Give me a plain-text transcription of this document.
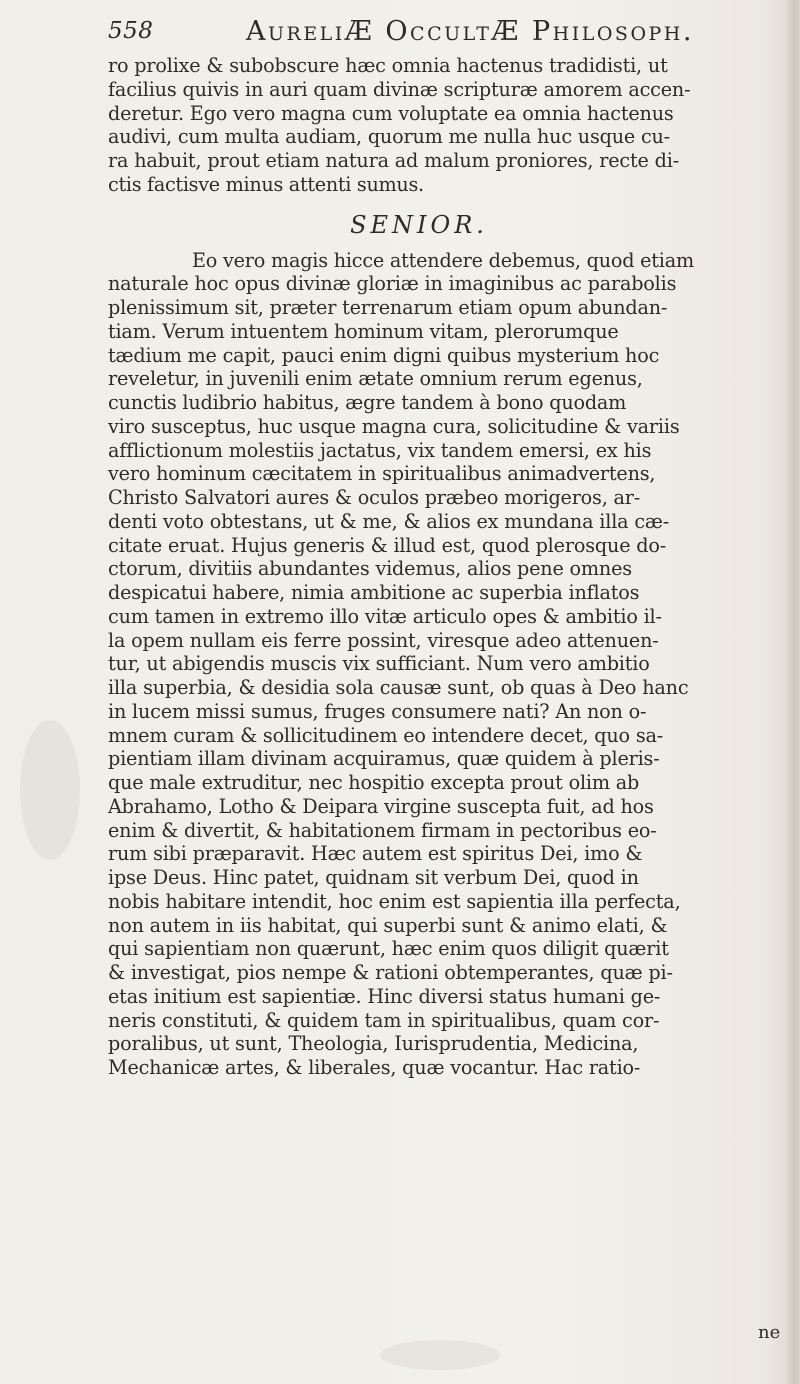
558	AureliÆ OccultÆ Philosoph.
ro prolixe & subobscure hæc omnia hactenus tradidisti, ut
facilius quivis in auri quam divinæ scripturæ amorem accen-
deretur. Ego vero magna cum voluptate ea omnia hactenus
audivi, cum multa audiam, quorum me nulla huc usque cu-
ra habuit, prout etiam natura ad malum proniores, recte di-
ctis factisve minus attenti sumus.
SENIOR.
Eo vero magis hicce attendere debemus, quod etiam
naturale hoc opus divinæ gloriæ in imaginibus ac parabolis
plenissimum sit, præter terrenarum etiam opum abundan-
tiam. Verum intuentem hominum vitam, plerorumque
tædium me capit, pauci enim digni quibus mysterium hoc
reveletur, in juvenili enim ætate omnium rerum egenus,
cunctis ludibrio habitus, ægre tandem à bono quodam
viro susceptus, huc usque magna cura, solicitudine & variis
afflictionum molestiis jactatus, vix tandem emersi, ex his
vero hominum cæcitatem in spiritualibus animadvertens,
Christo Salvatori aures & oculos præbeo morigeros, ar-
denti voto obtestans, ut & me, & alios ex mundana illa cæ-
citate eruat. Hujus generis & illud est, quod plerosque do-
ctorum, divitiis abundantes videmus, alios pene omnes
despicatui habere, nimia ambitione ac superbia inflatos
cum tamen in extremo illo vitæ articulo opes & ambitio il-
la opem nullam eis ferre possint, viresque adeo attenuen-
tur, ut abigendis muscis vix sufficiant. Num vero ambitio
illa superbia, & desidia sola causæ sunt, ob quas à Deo hanc
in lucem missi sumus, fruges consumere nati? An non o-
mnem curam & sollicitudinem eo intendere decet, quo sa-
pientiam illam divinam acquiramus, quæ quidem à pleris-
que male extruditur, nec hospitio excepta prout olim ab
Abrahamo, Lotho & Deipara virgine suscepta fuit, ad hos
enim & divertit, & habitationem firmam in pectoribus eo-
rum sibi præparavit. Hæc autem est spiritus Dei, imo &
ipse Deus. Hinc patet, quidnam sit verbum Dei, quod in
nobis habitare intendit, hoc enim est sapientia illa perfecta,
non autem in iis habitat, qui superbi sunt & animo elati, &
qui sapientiam non quærunt, hæc enim quos diligit quærit
& investigat, pios nempe & rationi obtemperantes, quæ pi-
etas initium est sapientiæ. Hinc diversi status humani ge-
neris constituti, & quidem tam in spiritualibus, quam cor-
poralibus, ut sunt, Theologia, Iurisprudentia, Medicina,
Mechanicæ artes, & liberales, quæ vocantur. Hac ratio-
ne
